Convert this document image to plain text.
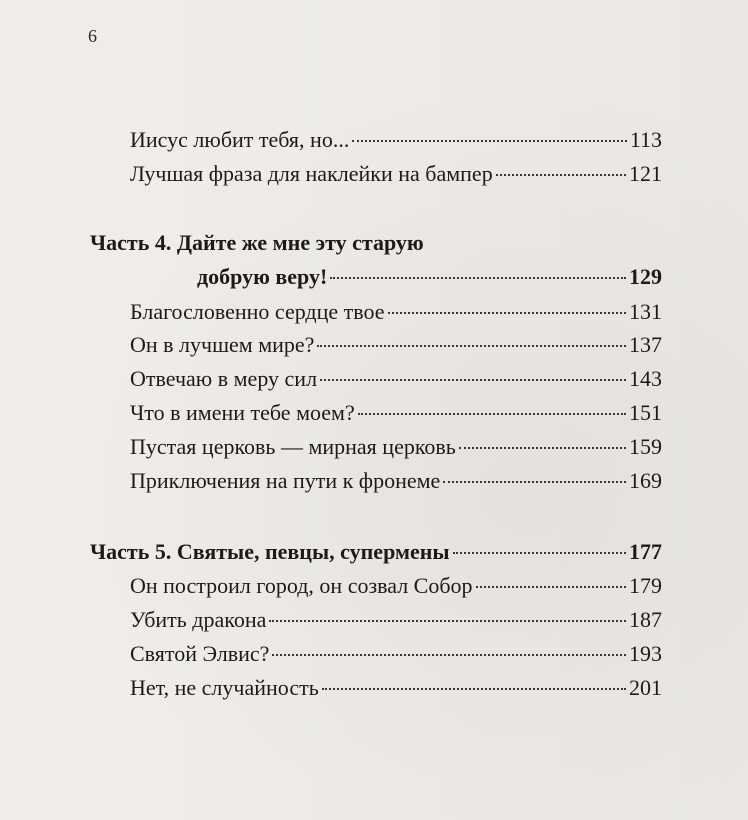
6
Иисус любит тебя, но...	113
Лучшая фраза для наклейки на бампер	121
Часть 4. Дайте же мне эту старую
добрую веру!	129
Благословенно сердце твое	131
Он в лучшем мире?	137
Отвечаю в меру сил	143
Что в имени тебе моем?	151
Пустая церковь — мирная церковь	159
Приключения на пути к фронеме	169
Часть 5. Святые, певцы, супермены	177
Он построил город, он созвал Собор	179
Убить дракона	187
Святой Элвис?	193
Нет, не случайность	201
